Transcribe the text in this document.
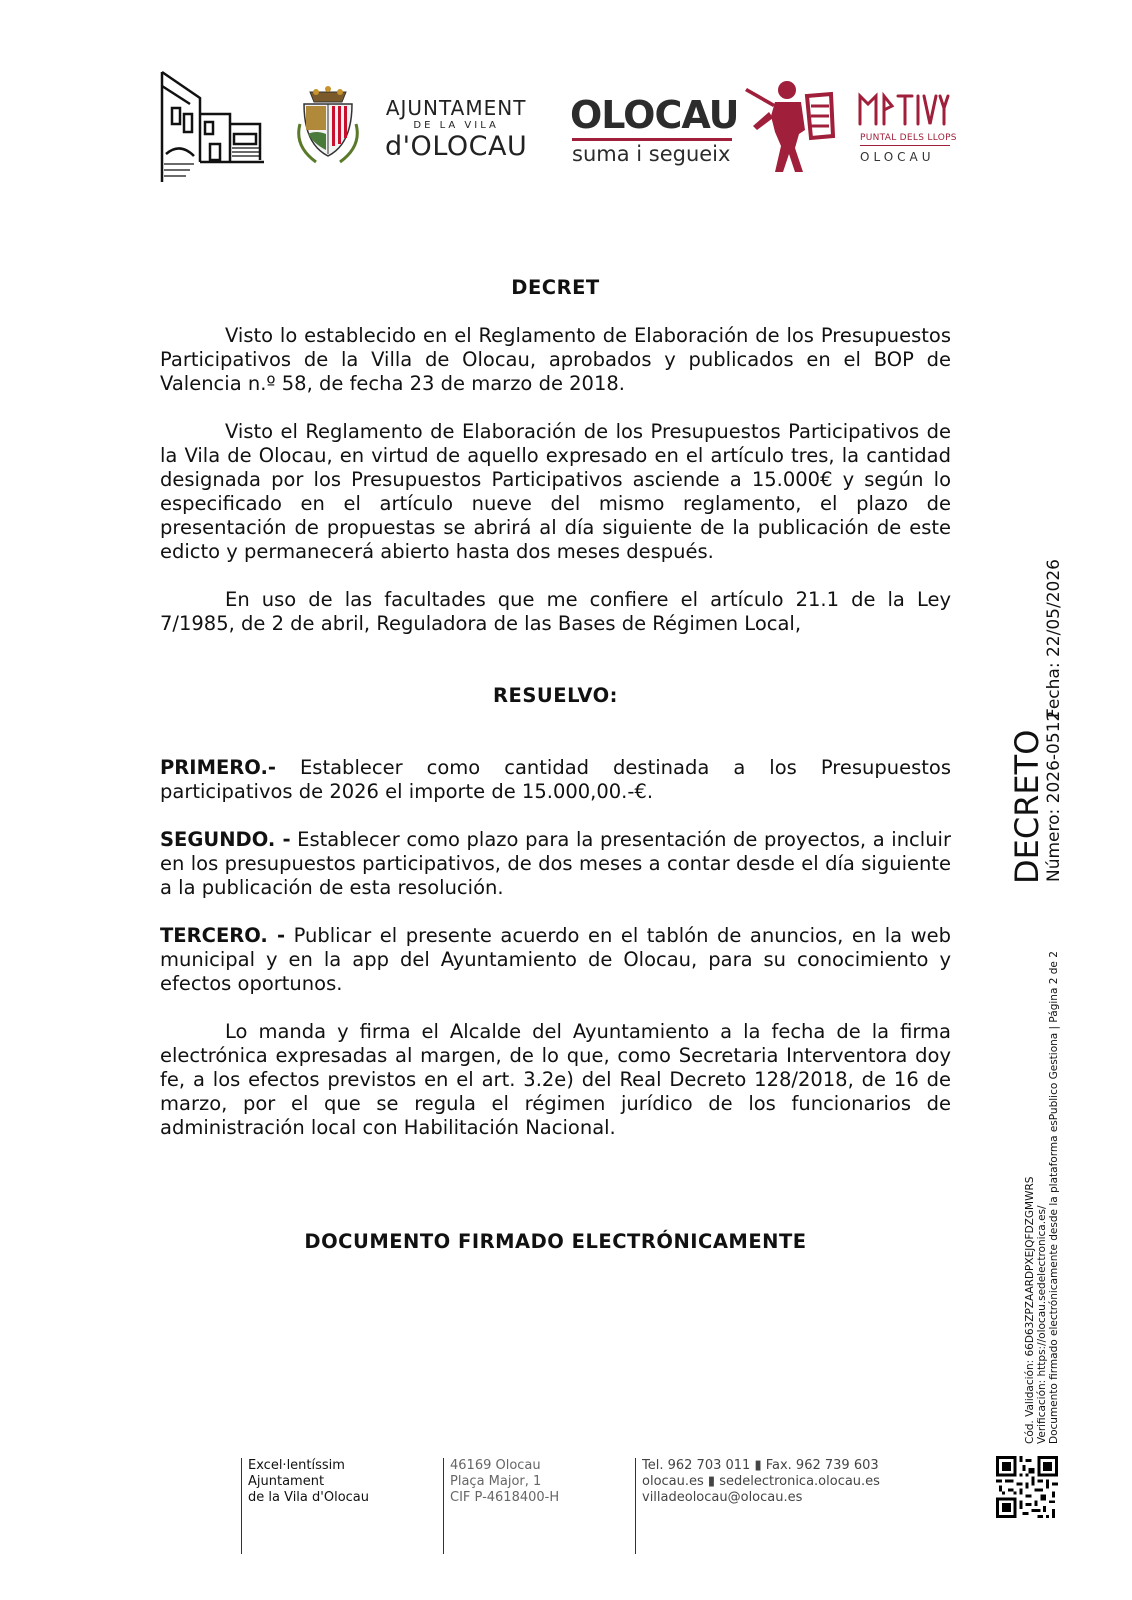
AJUNTAMENT
DE LA VILA
d'OLOCAU
OLOCAU
suma i segueix
PUNTAL DELS LLOPS
OLOCAU
DECRET

Visto lo establecido en el Reglamento de Elaboración de los Presupuestos Participativos de la Villa de Olocau, aprobados y publicados en el BOP de Valencia n.º 58, de fecha 23 de marzo de 2018.

Visto el Reglamento de Elaboración de los Presupuestos Participativos de la Vila de Olocau, en virtud de aquello expresado en el artículo tres, la cantidad designada por los Presupuestos Participativos asciende a 15.000€ y según lo especificado en el artículo nueve del mismo reglamento, el plazo de presentación de propuestas se abrirá al día siguiente de la publicación de este edicto y permanecerá abierto hasta dos meses después.

En uso de las facultades que me confiere el artículo 21.1 de la Ley 7/1985, de 2 de abril, Reguladora de las Bases de Régimen Local,

RESUELVO:

PRIMERO.- Establecer como cantidad destinada a los Presupuestos participativos de 2026 el importe de 15.000,00.-€.

SEGUNDO. - Establecer como plazo para la presentación de proyectos, a incluir en los presupuestos participativos, de dos meses a contar desde el día siguiente a la publicación de esta resolución.

TERCERO. - Publicar el presente acuerdo en el tablón de anuncios, en la web municipal y en la app del Ayuntamiento de Olocau, para su conocimiento y efectos oportunos.

Lo manda y firma el Alcalde del Ayuntamiento a la fecha de la firma electrónica expresadas al margen, de lo que, como Secretaria Interventora doy fe, a los efectos previstos en el art. 3.2e) del Real Decreto 128/2018, de 16 de marzo, por el que se regula el régimen jurídico de los funcionarios de administración local con Habilitación Nacional.

DOCUMENTO FIRMADO ELECTRÓNICAMENTE
DECRETO
Número: 2026-0512
Fecha: 22/05/2026
Cód. Validación: 66D63ZPZAARDPXEJQFDZGMWRS Verificación: https://olocau.sedelectronica.es/ Documento firmado electrónicamente desde la plataforma esPublico Gestiona | Página 2 de 2
Excel·lentíssim
Ajuntament
de la Vila d'Olocau
46169 Olocau
Plaça Major, 1
CIF P-4618400-H
Tel. 962 703 011 ▮ Fax. 962 739 603
olocau.es ▮ sedelectronica.olocau.es
villadeolocau@olocau.es
